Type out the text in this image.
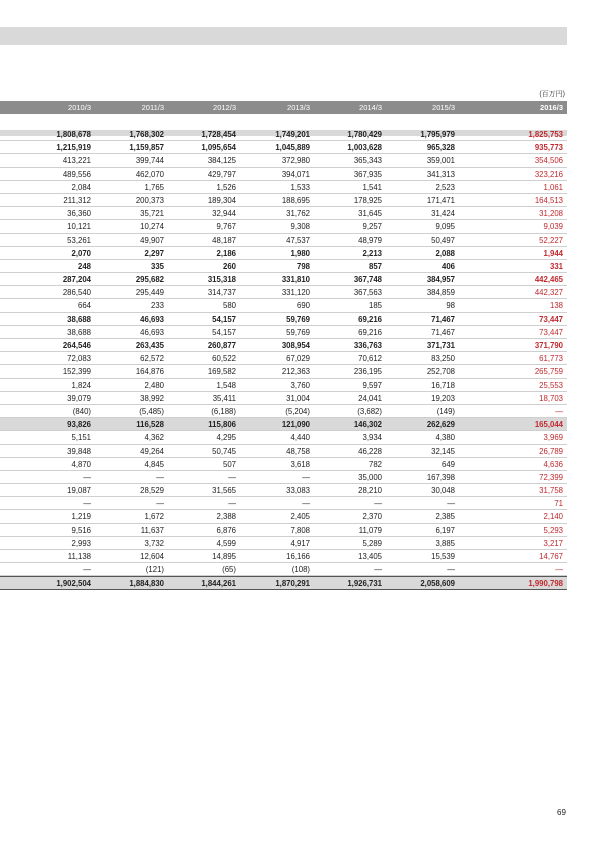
(百万円)
2010/3	2011/3	2012/3	2013/3	2014/3	2015/3	2016/3
1,808,678	1,768,302	1,728,454	1,749,201	1,780,429	1,795,979	1,825,753
1,215,919	1,159,857	1,095,654	1,045,889	1,003,628	965,328	935,773
413,221	399,744	384,125	372,980	365,343	359,001	354,506
489,556	462,070	429,797	394,071	367,935	341,313	323,216
2,084	1,765	1,526	1,533	1,541	2,523	1,061
211,312	200,373	189,304	188,695	178,925	171,471	164,513
36,360	35,721	32,944	31,762	31,645	31,424	31,208
10,121	10,274	9,767	9,308	9,257	9,095	9,039
53,261	49,907	48,187	47,537	48,979	50,497	52,227
2,070	2,297	2,186	1,980	2,213	2,088	1,944
248	335	260	798	857	406	331
287,204	295,682	315,318	331,810	367,748	384,957	442,465
286,540	295,449	314,737	331,120	367,563	384,859	442,327
664	233	580	690	185	98	138
38,688	46,693	54,157	59,769	69,216	71,467	73,447
38,688	46,693	54,157	59,769	69,216	71,467	73,447
264,546	263,435	260,877	308,954	336,763	371,731	371,790
72,083	62,572	60,522	67,029	70,612	83,250	61,773
152,399	164,876	169,582	212,363	236,195	252,708	265,759
1,824	2,480	1,548	3,760	9,597	16,718	25,553
39,079	38,992	35,411	31,004	24,041	19,203	18,703
(840)	(5,485)	(6,188)	(5,204)	(3,682)	(149)	—
93,826	116,528	115,806	121,090	146,302	262,629	165,044
5,151	4,362	4,295	4,440	3,934	4,380	3,969
39,848	49,264	50,745	48,758	46,228	32,145	26,789
4,870	4,845	507	3,618	782	649	4,636
—	—	—	—	35,000	167,398	72,399
19,087	28,529	31,565	33,083	28,210	30,048	31,758
—	—	—	—	—	—	71
1,219	1,672	2,388	2,405	2,370	2,385	2,140
9,516	11,637	6,876	7,808	11,079	6,197	5,293
2,993	3,732	4,599	4,917	5,289	3,885	3,217
11,138	12,604	14,895	16,166	13,405	15,539	14,767
—	(121)	(65)	(108)	—	—	—
1,902,504	1,884,830	1,844,261	1,870,291	1,926,731	2,058,609	1,990,798
69
